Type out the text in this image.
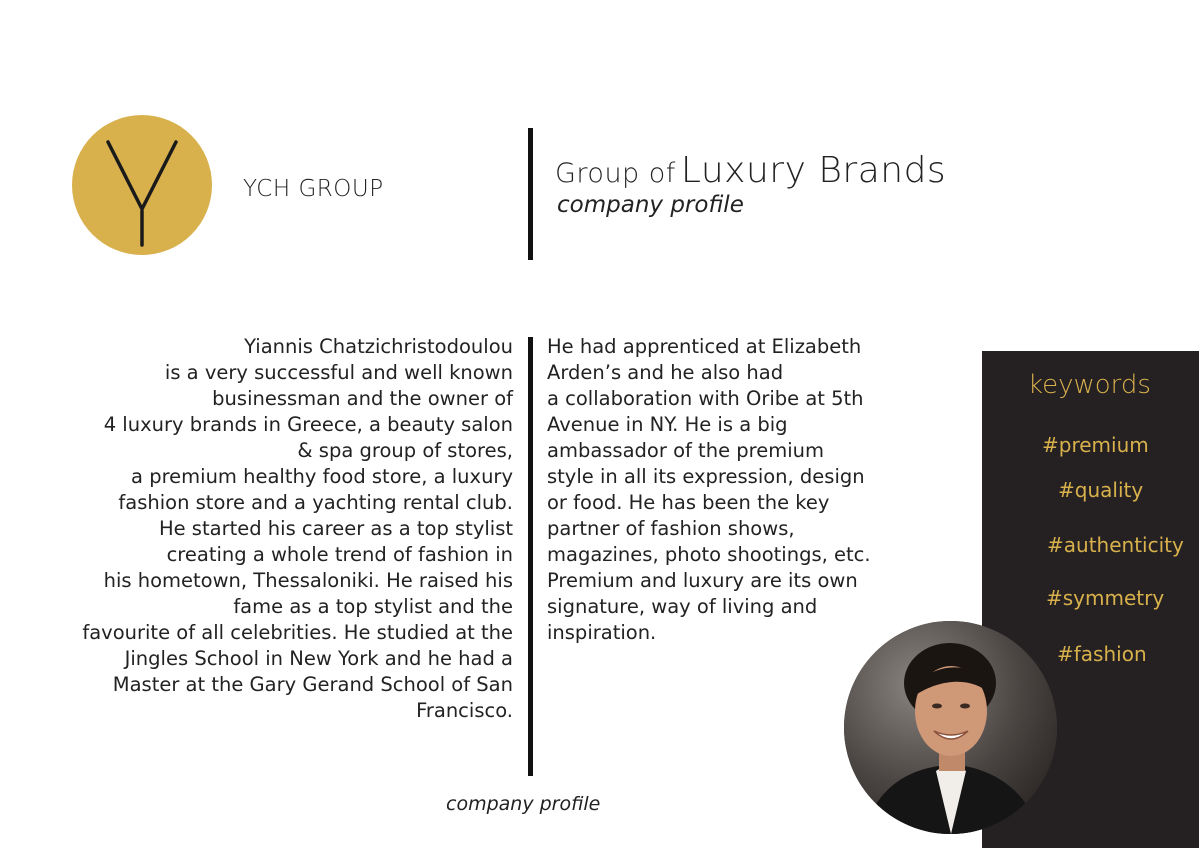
YCH GROUP	Group of Luxury Brands
company profile
Yiannis Chatzichristodoulou
is a very successful and well known
businessman and the owner of
4 luxury brands in Greece, a beauty salon
& spa group of stores,
a premium healthy food store, a luxury
fashion store and a yachting rental club.
He started his career as a top stylist
creating a whole trend of fashion in
his hometown, Thessaloniki. He raised his
fame as a top stylist and the
favourite of all celebrities. He studied at the
Jingles School in New York and he had a
Master at the Gary Gerand School of San
Francisco.
He had apprenticed at Elizabeth
Arden’s and he also had
a collaboration with Oribe at 5th
Avenue in NY. He is a big
ambassador of the premium
style in all its expression, design
or food. He has been the key
partner of fashion shows,
magazines, photo shootings, etc.
Premium and luxury are its own
signature, way of living and
inspiration.
company profile
keywords
#premium
#quality
#authenticity
#symmetry
#fashion
